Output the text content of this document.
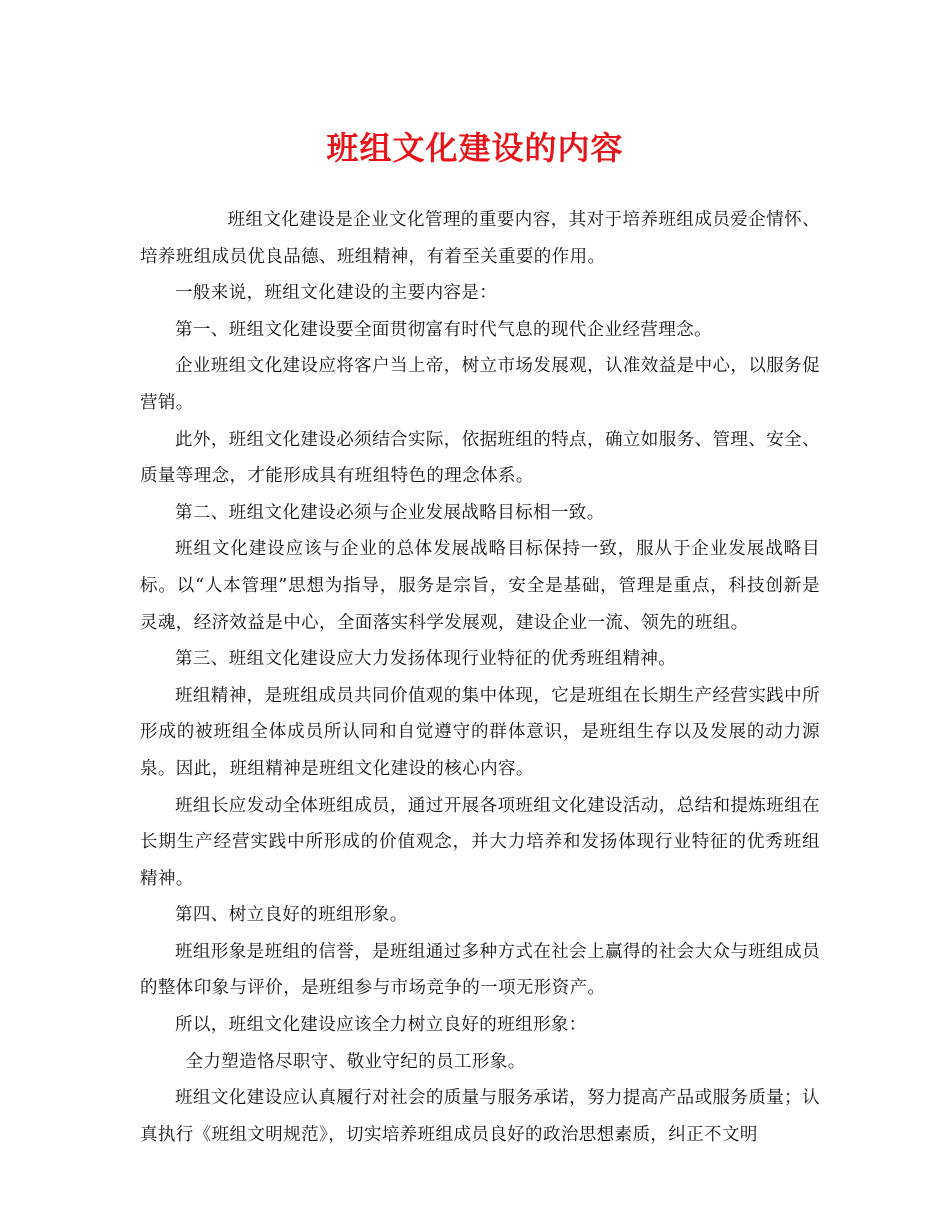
班组文化建设的内容

班组文化建设是企业文化管理的重要内容，其对于培养班组成员爱企情怀、培养班组成员优良品德、班组精神，有着至关重要的作用。

一般来说，班组文化建设的主要内容是：

第一、班组文化建设要全面贯彻富有时代气息的现代企业经营理念。

企业班组文化建设应将客户当上帝，树立市场发展观，认准效益是中心，以服务促营销。

此外，班组文化建设必须结合实际，依据班组的特点，确立如服务、管理、安全、质量等理念，才能形成具有班组特色的理念体系。

第二、班组文化建设必须与企业发展战略目标相一致。

班组文化建设应该与企业的总体发展战略目标保持一致，服从于企业发展战略目标。以“人本管理”思想为指导，服务是宗旨，安全是基础，管理是重点，科技创新是灵魂，经济效益是中心，全面落实科学发展观，建设企业一流、领先的班组。

第三、班组文化建设应大力发扬体现行业特征的优秀班组精神。

班组精神，是班组成员共同价值观的集中体现，它是班组在长期生产经营实践中所形成的被班组全体成员所认同和自觉遵守的群体意识，是班组生存以及发展的动力源泉。因此，班组精神是班组文化建设的核心内容。

班组长应发动全体班组成员，通过开展各项班组文化建设活动，总结和提炼班组在长期生产经营实践中所形成的价值观念，并大力培养和发扬体现行业特征的优秀班组精神。

第四、树立良好的班组形象。

班组形象是班组的信誉，是班组通过多种方式在社会上赢得的社会大众与班组成员的整体印象与评价，是班组参与市场竞争的一项无形资产。

所以，班组文化建设应该全力树立良好的班组形象：

全力塑造恪尽职守、敬业守纪的员工形象。

班组文化建设应认真履行对社会的质量与服务承诺，努力提高产品或服务质量；认真执行《班组文明规范》，切实培养班组成员良好的政治思想素质，纠正不文明
